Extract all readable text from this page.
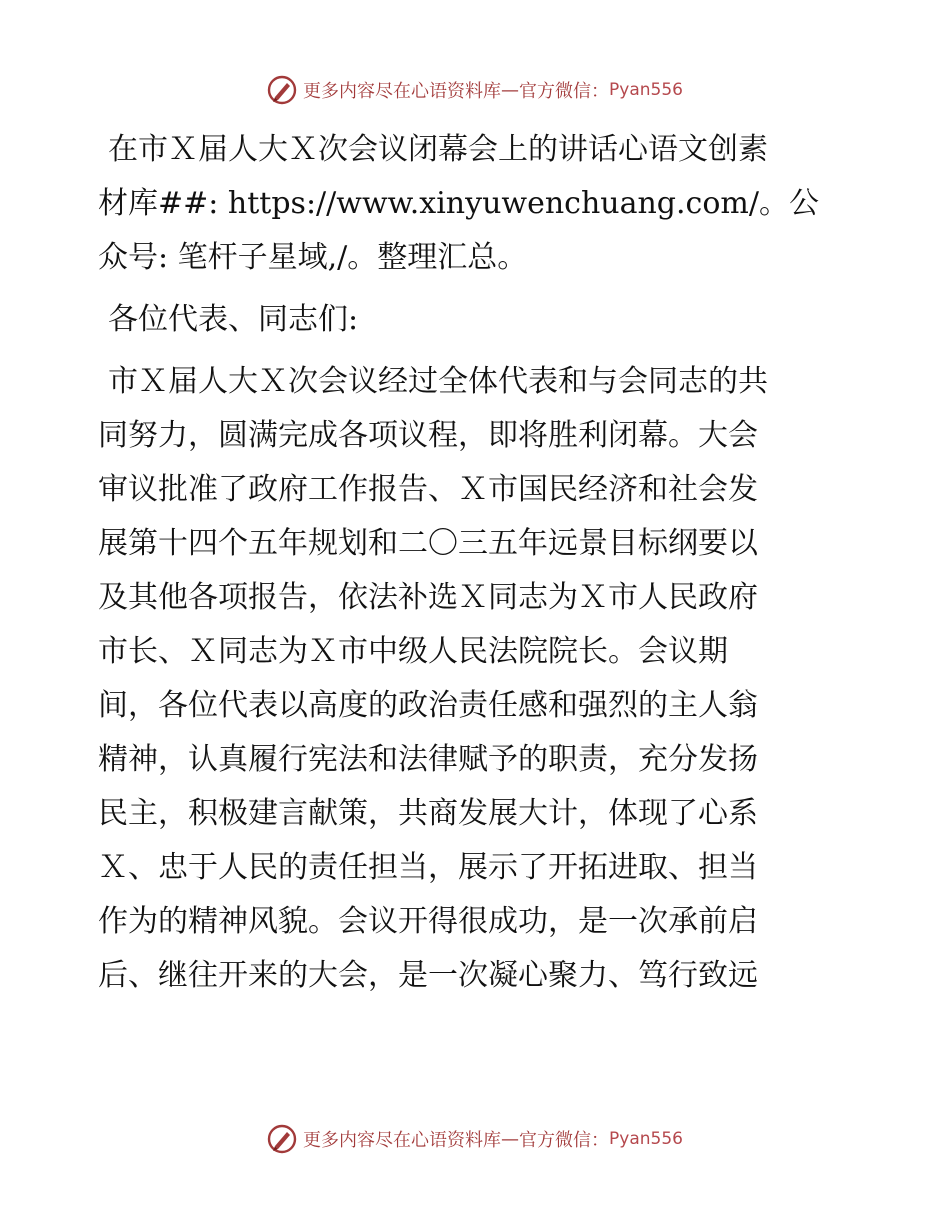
更多内容尽在心语资料库 — 官方微信： Pyan556

在市Ｘ届人大Ｘ次会议闭幕会上的讲话心语文创素

材库##: https://www.xinyuwenchuang.com/。公

众号: 笔杆子星域,/。整理汇总。

各位代表、同志们:

市Ｘ届人大Ｘ次会议经过全体代表和与会同志的共

同努力，圆满完成各项议程，即将胜利闭幕。大会

审议批准了政府工作报告、Ｘ市国民经济和社会发

展第十四个五年规划和二〇三五年远景目标纲要以

及其他各项报告，依法补选Ｘ同志为Ｘ市人民政府

市长、Ｘ同志为Ｘ市中级人民法院院长。会议期

间，各位代表以高度的政治责任感和强烈的主人翁

精神，认真履行宪法和法律赋予的职责，充分发扬

民主，积极建言献策，共商发展大计，体现了心系

Ｘ、忠于人民的责任担当，展示了开拓进取、担当

作为的精神风貌。会议开得很成功，是一次承前启

后、继往开来的大会，是一次凝心聚力、笃行致远

更多内容尽在心语资料库 — 官方微信： Pyan556
